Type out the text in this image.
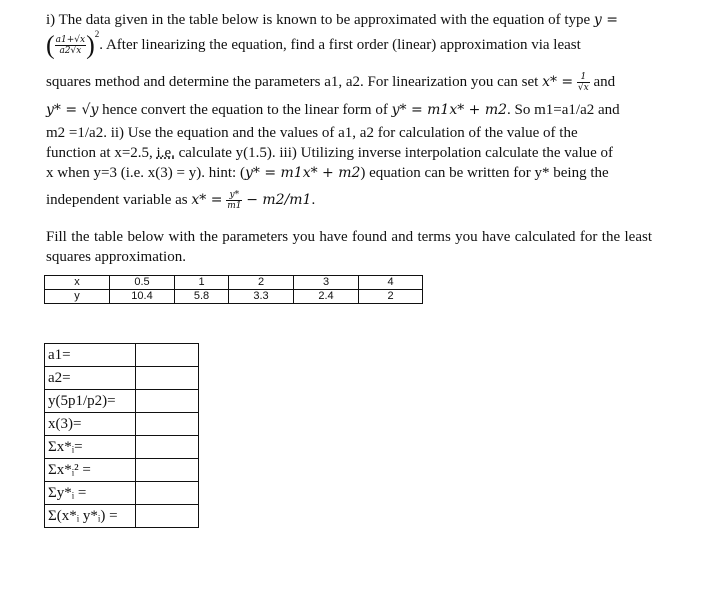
i) The data given in the table below is known to be approximated with the equation of type y =
( $\frac{a1+√x}{a2√x} )^2$. After linearizing the equation, find a first order (linear) approximation via least
squares method and determine the parameters a1, a2. For linearization you can set $x* = \frac{1}{√x}$ and
y* = √y hence convert the equation to the linear form of y* = m1x* + m2. So m1=a1/a2 and
m2 =1/a2. ii) Use the equation and the values of a1, a2 for calculation of the value of the
function at x=2.5, i.e. calculate y(1.5). iii) Utilizing inverse interpolation calculate the value of
x when y=3 (i.e. x(3) = y). hint: (y* = m1x* + m2) equation can be written for y* being the
independent variable as $x* = \frac{y*}{m1} - m2/m1$.

Fill the table below with the parameters you have found and terms you have calculated for the least squares approximation.

x	0.5	1	2	3	4
y	10.4	5.8	3.3	2.4	2
a1=	
a2=	
y(5p1/p2)=	
x(3)=	
Σx*ᵢ=	
Σx*ᵢ² =	
Σy*ᵢ =	
Σ(x*ᵢ y*ᵢ) =	
